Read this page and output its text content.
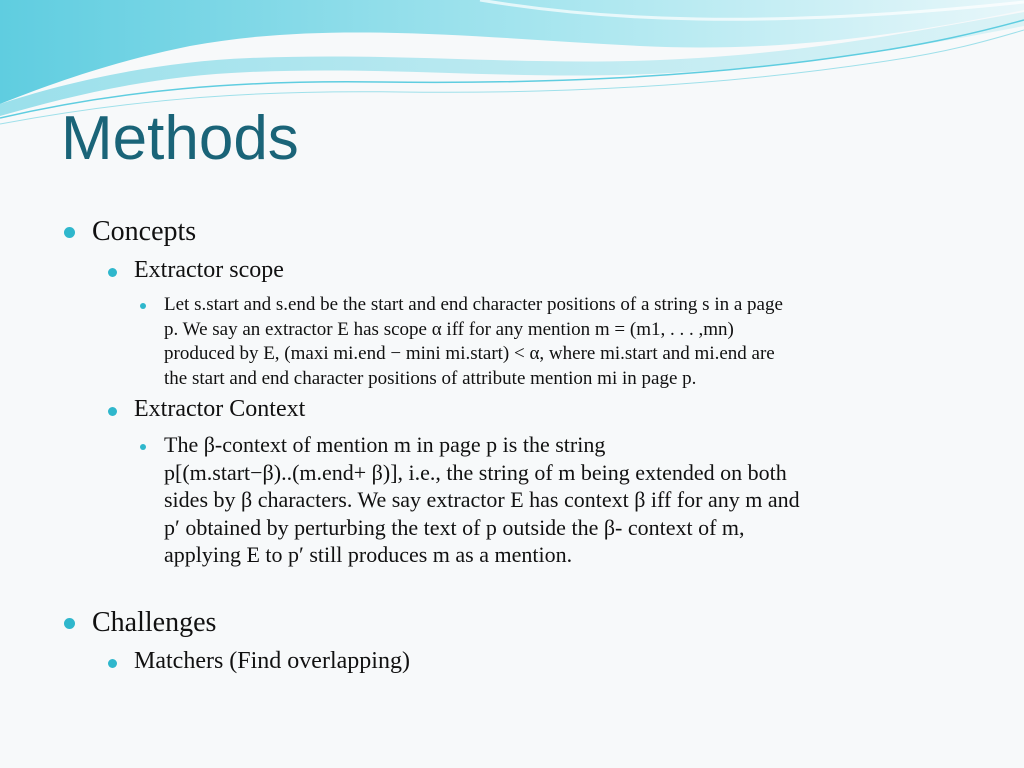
Methods
Concepts
Extractor scope
Let s.start and s.end be the start and end character positions of a string s in a page
p. We say an extractor E has scope α iff for any mention m = (m1, . . . ,mn)
produced by E, (maxi mi.end − mini mi.start) < α, where mi.start and mi.end are
the start and end character positions of attribute mention mi in page p.
Extractor Context
The β-context of mention m in page p is the string
p[(m.start−β)..(m.end+ β)], i.e., the string of m being extended on both
sides by β characters. We say extractor E has context β iff for any m and
p′ obtained by perturbing the text of p outside the β- context of m,
applying E to p′ still produces m as a mention.
Challenges
Matchers (Find overlapping)
